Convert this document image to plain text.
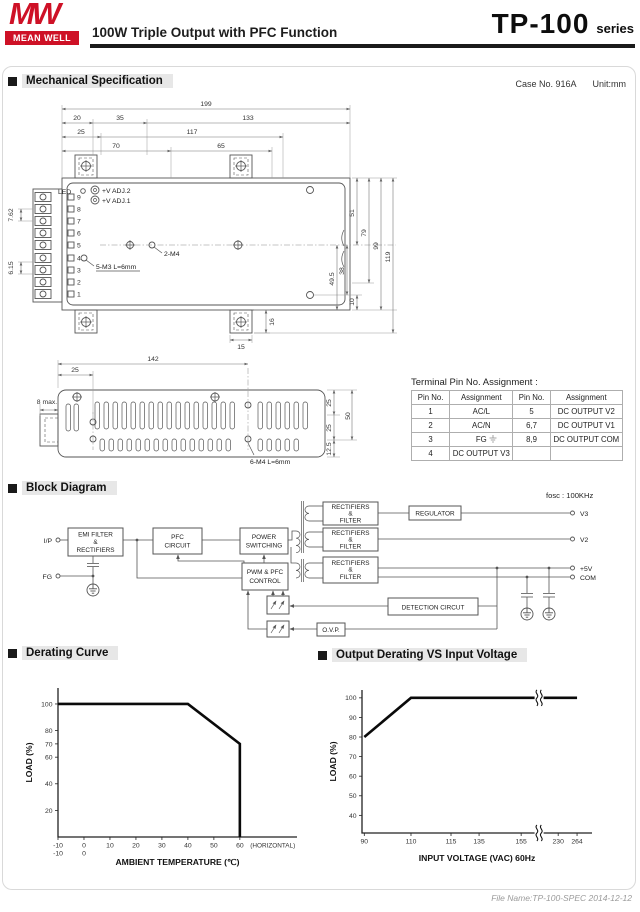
MW
MEAN WELL	100W Triple Output with PFC Function	TP-100 series
Mechanical Specification	Case No. 916A Unit:mm
199
20	35	133
25	117
70	65
51
79
99
119
49.5
38
10
7.62
6.15
16
15
LED	+V ADJ.2
+V ADJ.1
2-M4
5-M3 L=6mm
9
8
7
6
5
4
3
2
1
142
25
8 max.	25
25
12.5
50
6-M4 L=6mm
Terminal Pin No. Assignment :
Pin No.	Assignment	Pin No.	Assignment
1	AC/L	5	DC OUTPUT V2
2	AC/N	6,7	DC OUTPUT V1
3	FG	8,9	DC OUTPUT COM
4	DC OUTPUT V3		
Block Diagram
fosc : 100KHz
EMI FILTER
&
RECTIFIERS
PFC
CIRCUIT
POWER
SWITCHING
PWM & PFC
CONTROL
RECTIFIERS
&
FILTER
RECTIFIERS
&
FILTER
RECTIFIERS
&
FILTER
REGULATOR
DETECTION CIRCUT
O.V.P.
I/P
FG
V3
V2
+5V
COM
Derating Curve	Output Derating VS Input Voltage
20
40
60
70
80
100
-10
-10
0
0
10	20	30	40	50	60 (HORIZONTAL)
AMBIENT TEMPERATURE (℃)
LOAD (%)
40
50
60
70
80
90
100
90	110	115 135	155	230 264
INPUT VOLTAGE (VAC) 60Hz
LOAD (%)
File Name:TP-100-SPEC 2014-12-12
